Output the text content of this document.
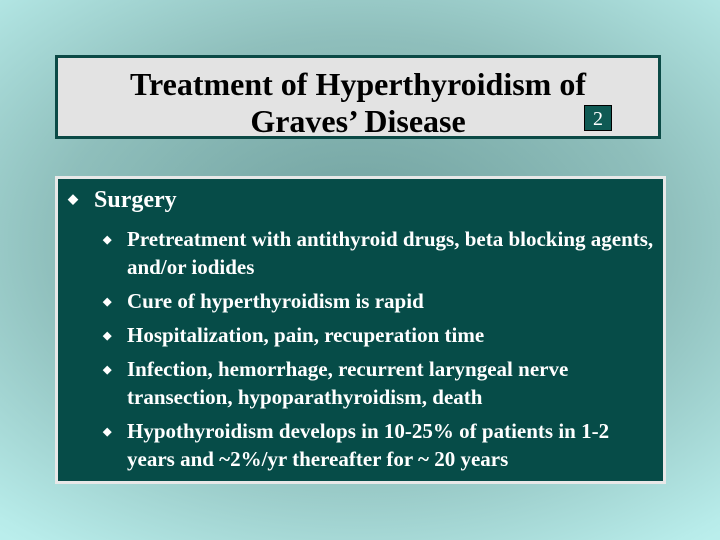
Treatment of Hyperthyroidism of
Graves’ Disease	2
◆ Surgery
◆ Pretreatment with antithyroid drugs, beta blocking agents, and/or iodides
◆ Cure of hyperthyroidism is rapid
◆ Hospitalization, pain, recuperation time
◆ Infection, hemorrhage, recurrent laryngeal nerve transection, hypoparathyroidism, death
◆ Hypothyroidism develops in 10-25% of patients in 1-2 years and ~2%/yr thereafter for ~ 20 years
